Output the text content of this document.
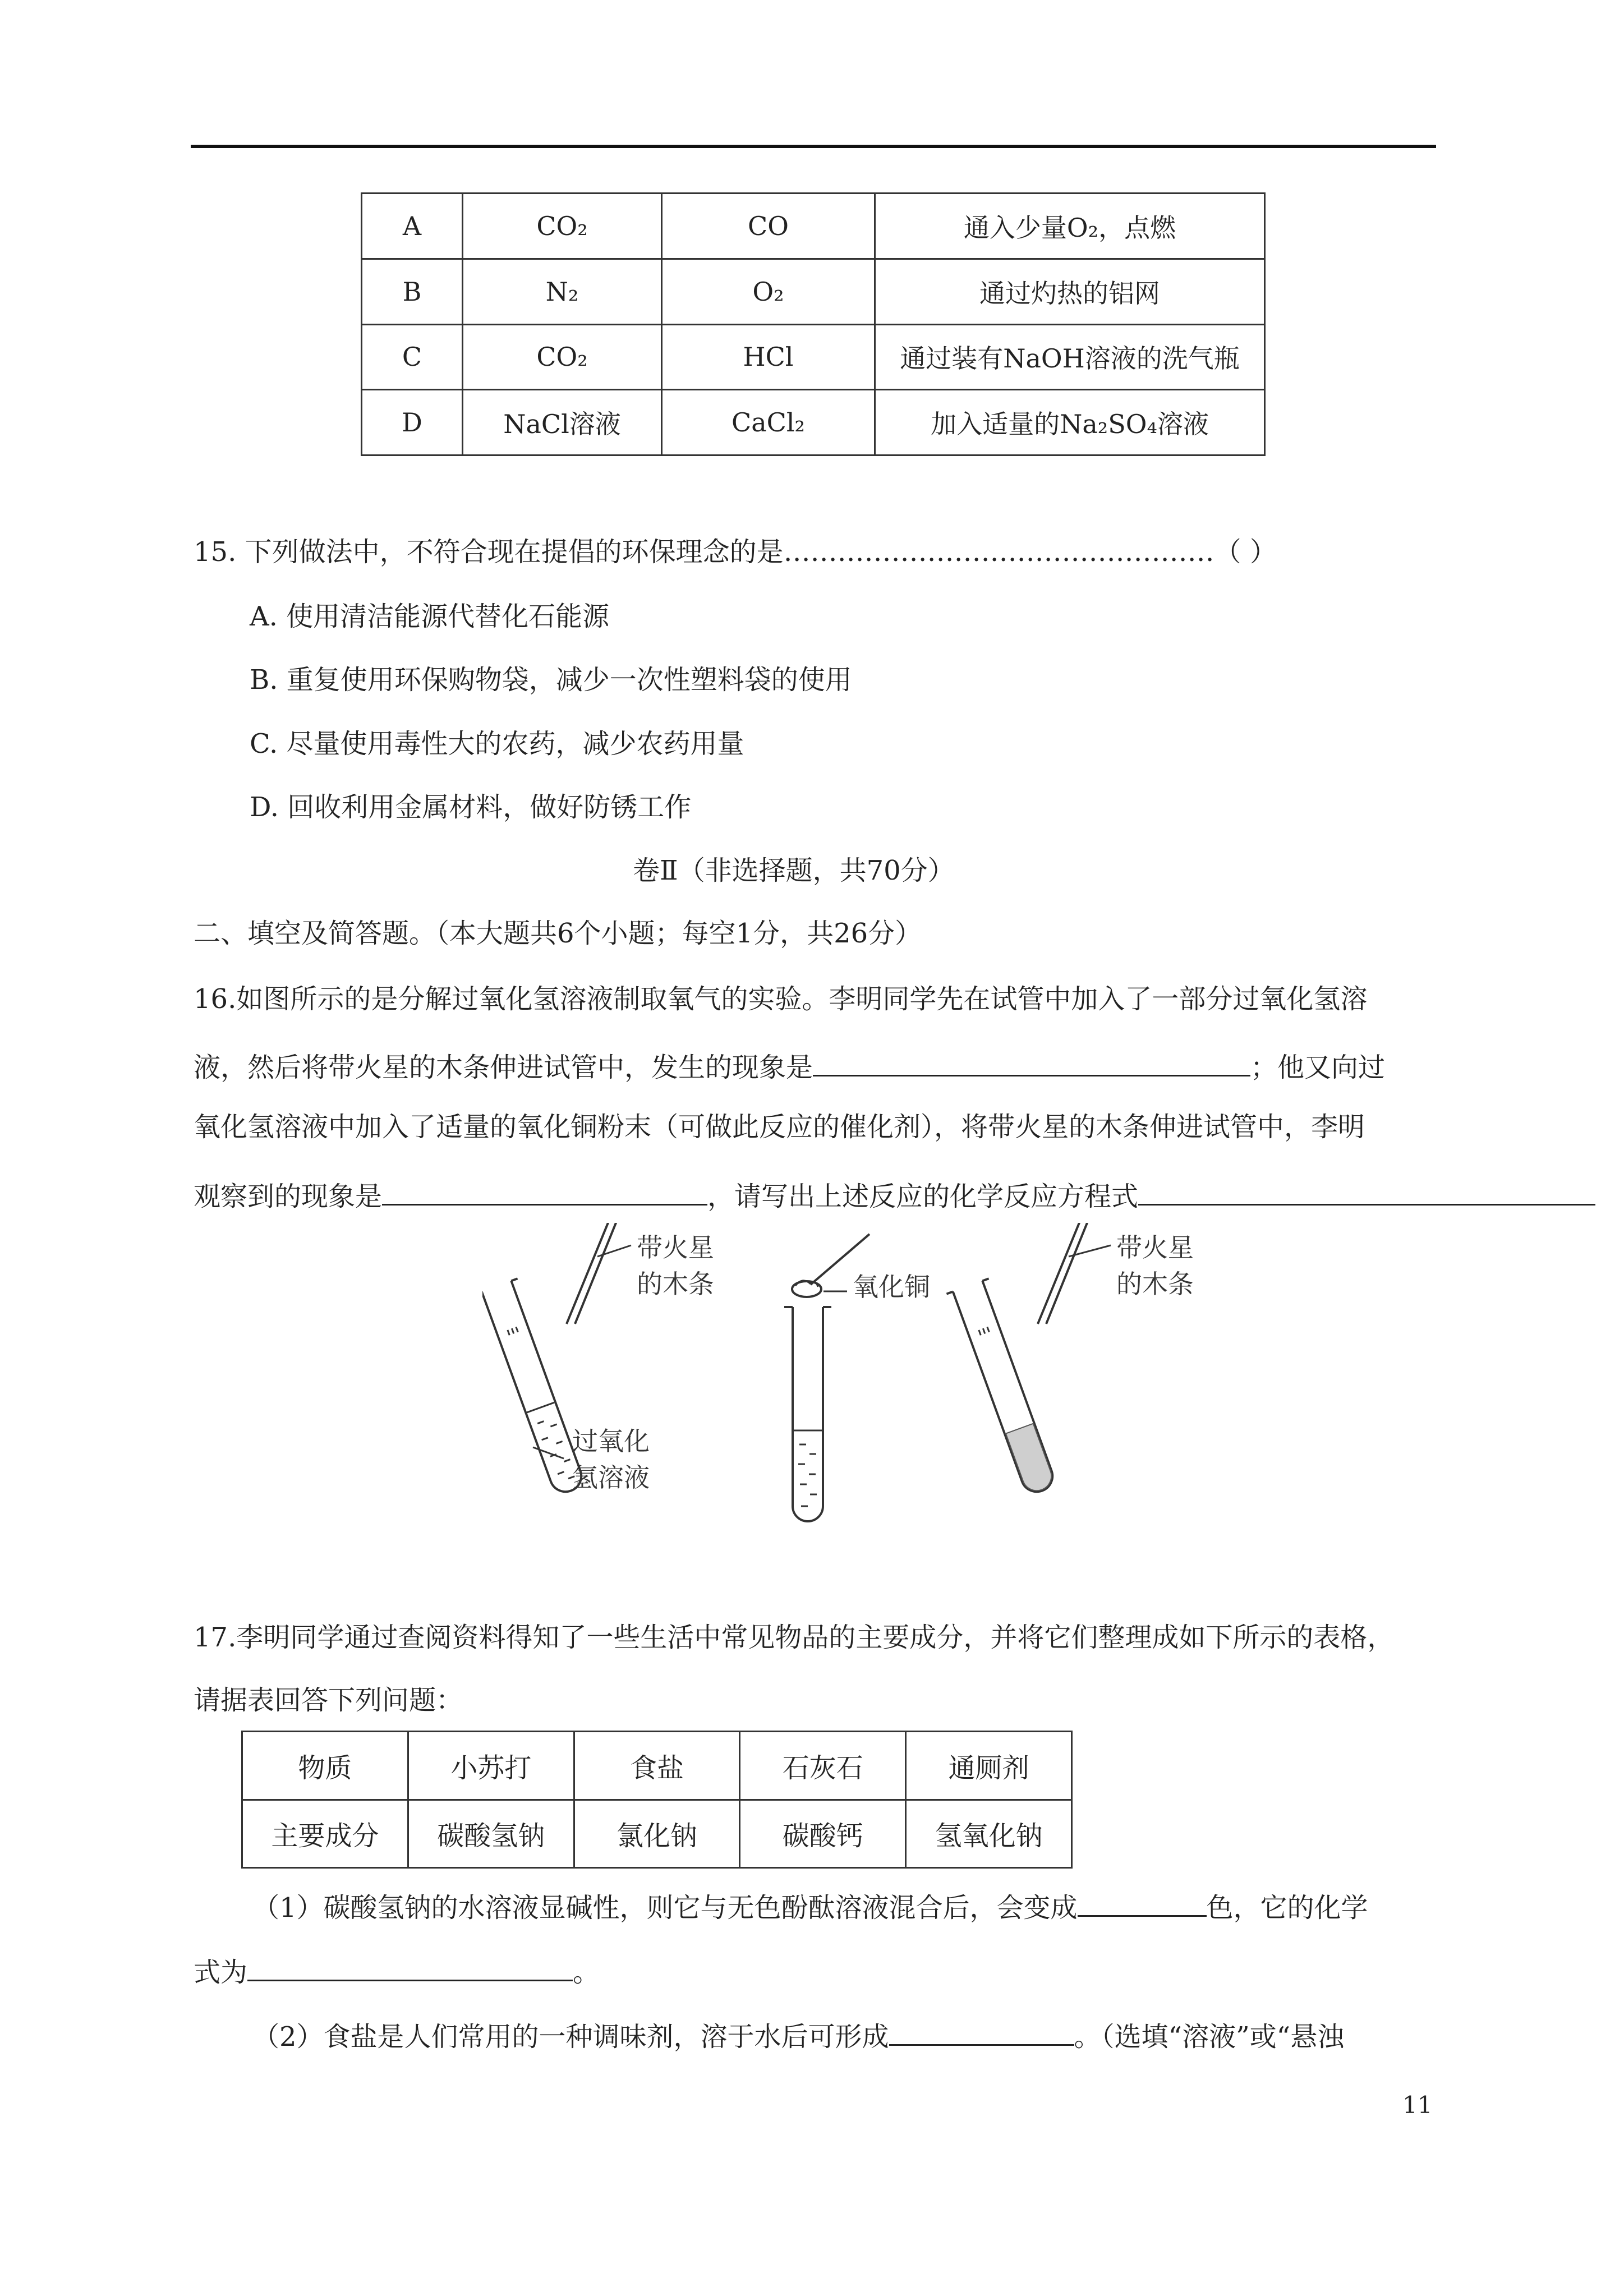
A	CO₂	CO	通入少量O₂，点燃
B	N₂	O₂	通过灼热的铝网
C	CO₂	HCl	通过装有NaOH溶液的洗气瓶
D	NaCl溶液	CaCl₂	加入适量的Na₂SO₄溶液
15. 下列做法中，不符合现在提倡的环保理念的是…………………………………………（ ）
A. 使用清洁能源代替化石能源
B. 重复使用环保购物袋，减少一次性塑料袋的使用
C. 尽量使用毒性大的农药，减少农药用量
D. 回收利用金属材料，做好防锈工作
卷Ⅱ（非选择题，共70分）
二、填空及简答题。（本大题共6个小题；每空1分，共26分）
16.如图所示的是分解过氧化氢溶液制取氧气的实验。李明同学先在试管中加入了一部分过氧化氢溶
液，然后将带火星的木条伸进试管中，发生的现象是	；他又向过
氧化氢溶液中加入了适量的氧化铜粉末（可做此反应的催化剂），将带火星的木条伸进试管中，李明
观察到的现象是	，请写出上述反应的化学反应方程式
带火星
的木条
过氧化
氢溶液
氧化铜
带火星
的木条
17.李明同学通过查阅资料得知了一些生活中常见物品的主要成分，并将它们整理成如下所示的表格，
请据表回答下列问题：
物质	小苏打	食盐	石灰石	通厕剂
主要成分	碳酸氢钠	氯化钠	碳酸钙	氢氧化钠
（1）碳酸氢钠的水溶液显碱性，则它与无色酚酞溶液混合后，会变成	色，它的化学
式为	。
（2）食盐是人们常用的一种调味剂，溶于水后可形成	。（选填“溶液”或“悬浊
11
